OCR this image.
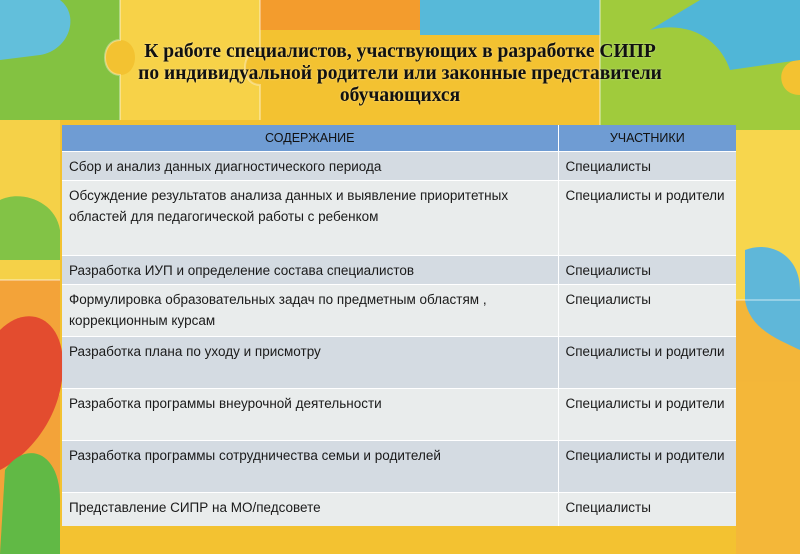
К работе специалистов, участвующих в разработке СИПР
по индивидуальной родители или законные представители
обучающихся
СОДЕРЖАНИЕ	УЧАСТНИКИ
Сбор и анализ данных диагностического периода	Специалисты
Обсуждение результатов анализа данных и выявление приоритетных областей для педагогической работы с ребенком	Специалисты и родители
Разработка ИУП и определение состава специалистов	Специалисты
Формулировка образовательных задач по предметным областям , коррекционным курсам	Специалисты
Разработка плана по уходу и присмотру	Специалисты и родители
Разработка программы внеурочной деятельности	Специалисты и родители
Разработка программы сотрудничества семьи и родителей	Специалисты и родители
Представление СИПР на МО/педсовете	Специалисты
